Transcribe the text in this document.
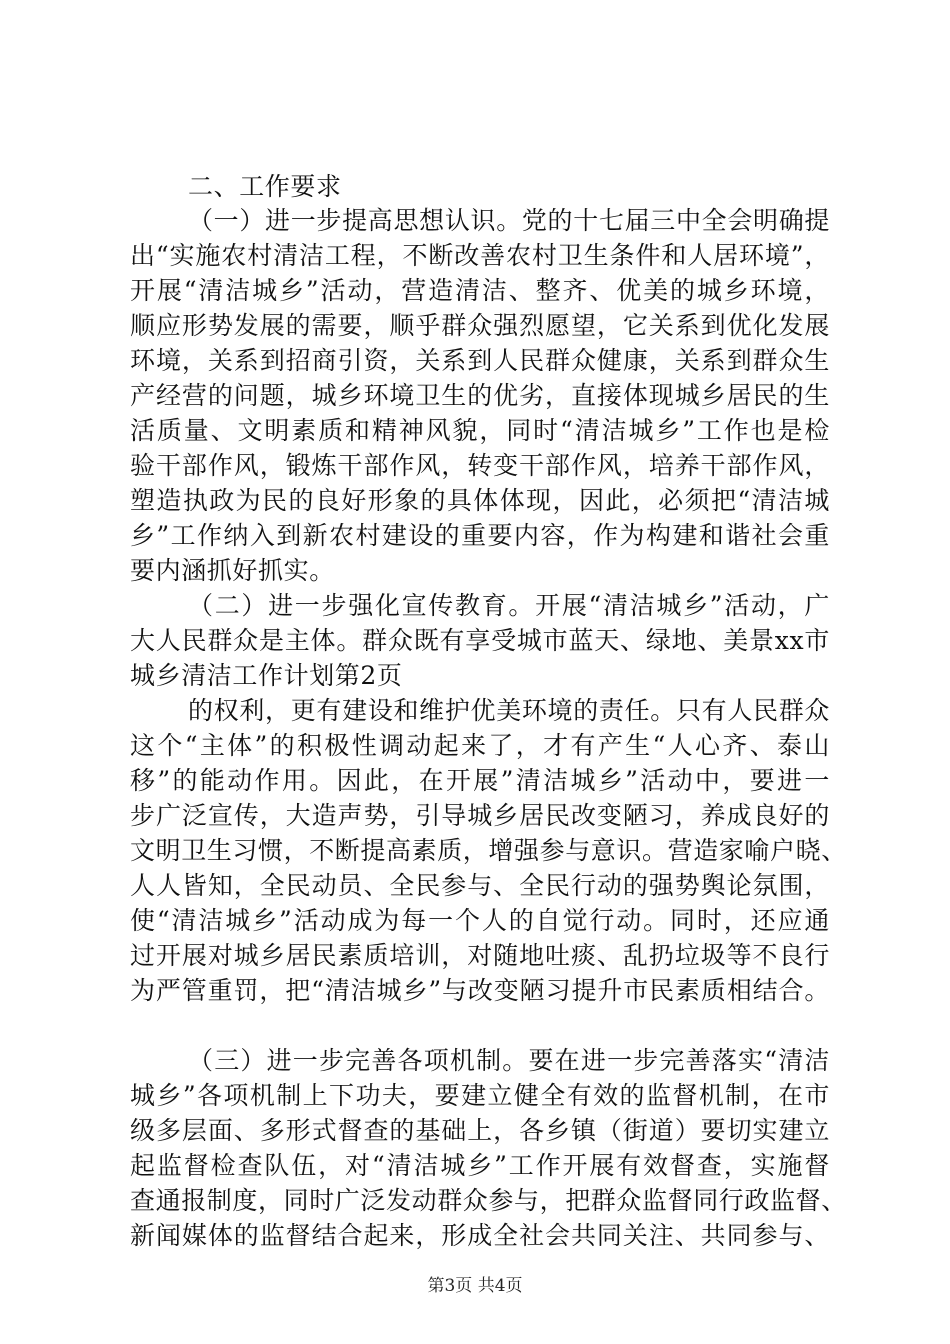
二、工作要求
（一）进一步提高思想认识。党的十七届三中全会明确提
出“实施农村清洁工程，不断改善农村卫生条件和人居环境”，
开展“清洁城乡”活动，营造清洁、整齐、优美的城乡环境，
顺应形势发展的需要，顺乎群众强烈愿望，它关系到优化发展
环境，关系到招商引资，关系到人民群众健康，关系到群众生
产经营的问题，城乡环境卫生的优劣，直接体现城乡居民的生
活质量、文明素质和精神风貌，同时“清洁城乡”工作也是检
验干部作风，锻炼干部作风，转变干部作风，培养干部作风，
塑造执政为民的良好形象的具体体现，因此，必须把“清洁城
乡”工作纳入到新农村建设的重要内容，作为构建和谐社会重
要内涵抓好抓实。
（二）进一步强化宣传教育。开展“清洁城乡”活动，广
大人民群众是主体。群众既有享受城市蓝天、绿地、美景xx市
城乡清洁工作计划第2页
的权利，更有建设和维护优美环境的责任。只有人民群众
这个“主体”的积极性调动起来了，才有产生“人心齐、泰山
移”的能动作用。因此，在开展”清洁城乡”活动中，要进一
步广泛宣传，大造声势，引导城乡居民改变陋习，养成良好的
文明卫生习惯，不断提高素质，增强参与意识。营造家喻户晓、
人人皆知，全民动员、全民参与、全民行动的强势舆论氛围，
使“清洁城乡”活动成为每一个人的自觉行动。同时，还应通
过开展对城乡居民素质培训，对随地吐痰、乱扔垃圾等不良行
为严管重罚，把“清洁城乡”与改变陋习提升市民素质相结合。
（三）进一步完善各项机制。要在进一步完善落实“清洁
城乡”各项机制上下功夫，要建立健全有效的监督机制，在市
级多层面、多形式督查的基础上，各乡镇（街道）要切实建立
起监督检查队伍，对“清洁城乡”工作开展有效督查，实施督
查通报制度，同时广泛发动群众参与，把群众监督同行政监督、
新闻媒体的监督结合起来，形成全社会共同关注、共同参与、
第3页 共4页
